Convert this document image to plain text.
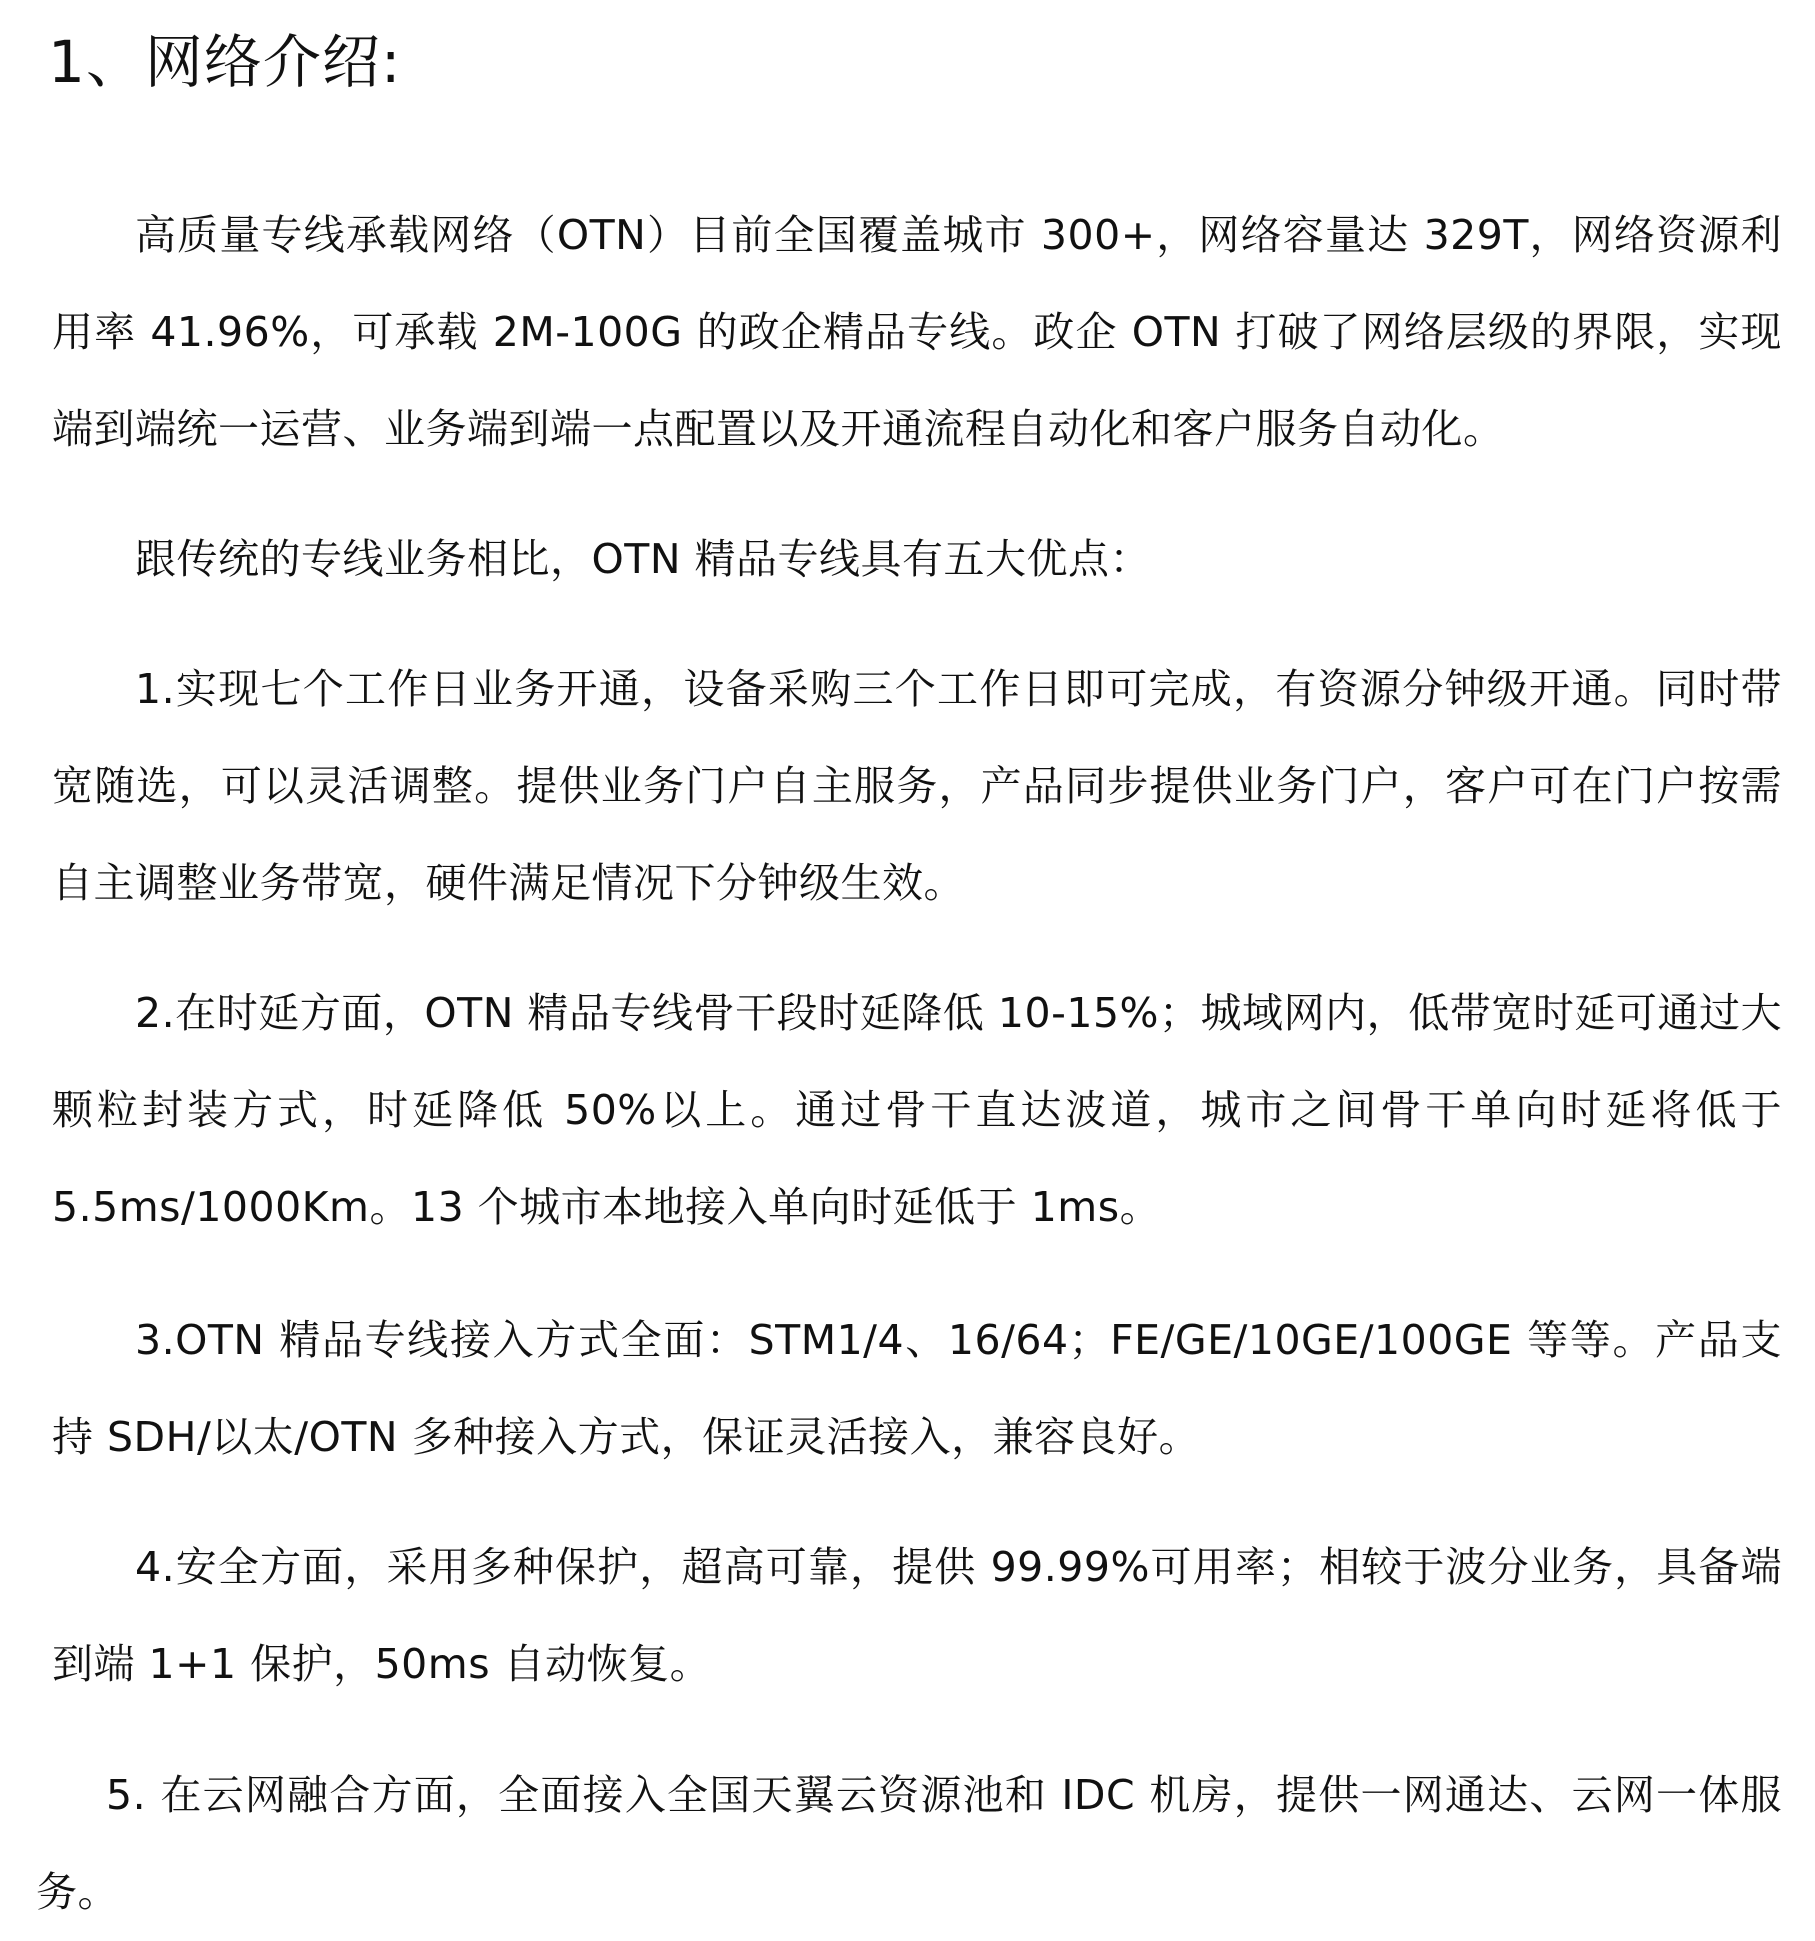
1、网络介绍:

高质量专线承载网络（OTN）目前全国覆盖城市 300+，网络容量达 329T，网络资源利用率 41.96%，可承载 2M-100G 的政企精品专线。政企 OTN 打破了网络层级的界限，实现端到端统一运营、业务端到端一点配置以及开通流程自动化和客户服务自动化。

跟传统的专线业务相比，OTN 精品专线具有五大优点：

1.实现七个工作日业务开通，设备采购三个工作日即可完成，有资源分钟级开通。同时带宽随选，可以灵活调整。提供业务门户自主服务，产品同步提供业务门户，客户可在门户按需自主调整业务带宽，硬件满足情况下分钟级生效。

2.在时延方面，OTN 精品专线骨干段时延降低 10-15%；城域网内，低带宽时延可通过大颗粒封装方式，时延降低 50%以上。通过骨干直达波道，城市之间骨干单向时延将低于 5.5ms/1000Km。13 个城市本地接入单向时延低于 1ms。

3.OTN 精品专线接入方式全面：STM1/4、16/64；FE/GE/10GE/100GE 等等。产品支持 SDH/以太/OTN 多种接入方式，保证灵活接入，兼容良好。

4.安全方面，采用多种保护，超高可靠，提供 99.99%可用率；相较于波分业务，具备端到端 1+1 保护，50ms 自动恢复。

5. 在云网融合方面，全面接入全国天翼云资源池和 IDC 机房，提供一网通达、云网一体服务。
